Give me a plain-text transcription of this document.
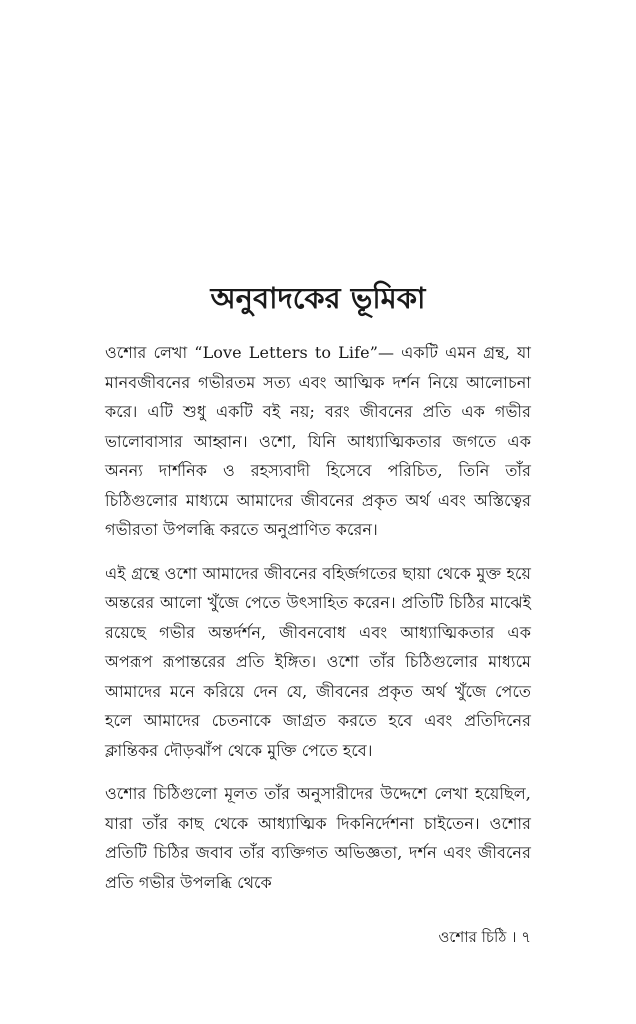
অনুবাদকের ভূমিকা

ওশোর লেখা “Love Letters to Life”— একটি এমন গ্রন্থ, যা মানবজীবনের গভীরতম সত্য এবং আত্মিক দর্শন নিয়ে আলোচনা করে। এটি শুধু একটি বই নয়; বরং জীবনের প্রতি এক গভীর ভালোবাসার আহ্বান। ওশো, যিনি আধ্যাত্মিকতার জগতে এক অনন্য দার্শনিক ও রহস্যবাদী হিসেবে পরিচিত, তিনি তাঁর চিঠিগুলোর মাধ্যমে আমাদের জীবনের প্রকৃত অর্থ এবং অস্তিত্বের গভীরতা উপলব্ধি করতে অনুপ্রাণিত করেন।

এই গ্রন্থে ওশো আমাদের জীবনের বহির্জগতের ছায়া থেকে মুক্ত হয়ে অন্তরের আলো খুঁজে পেতে উৎসাহিত করেন। প্রতিটি চিঠির মাঝেই রয়েছে গভীর অন্তর্দর্শন, জীবনবোধ এবং আধ্যাত্মিকতার এক অপরূপ রূপান্তরের প্রতি ইঙ্গিত। ওশো তাঁর চিঠিগুলোর মাধ্যমে আমাদের মনে করিয়ে দেন যে, জীবনের প্রকৃত অর্থ খুঁজে পেতে হলে আমাদের চেতনাকে জাগ্রত করতে হবে এবং প্রতিদিনের ক্লান্তিকর দৌড়ঝাঁপ থেকে মুক্তি পেতে হবে।

ওশোর চিঠিগুলো মূলত তাঁর অনুসারীদের উদ্দেশে লেখা হয়েছিল, যারা তাঁর কাছ থেকে আধ্যাত্মিক দিকনির্দেশনা চাইতেন। ওশোর প্রতিটি চিঠির জবাব তাঁর ব্যক্তিগত অভিজ্ঞতা, দর্শন এবং জীবনের প্রতি গভীর উপলব্ধি থেকে

ওশোর চিঠি । ৭
